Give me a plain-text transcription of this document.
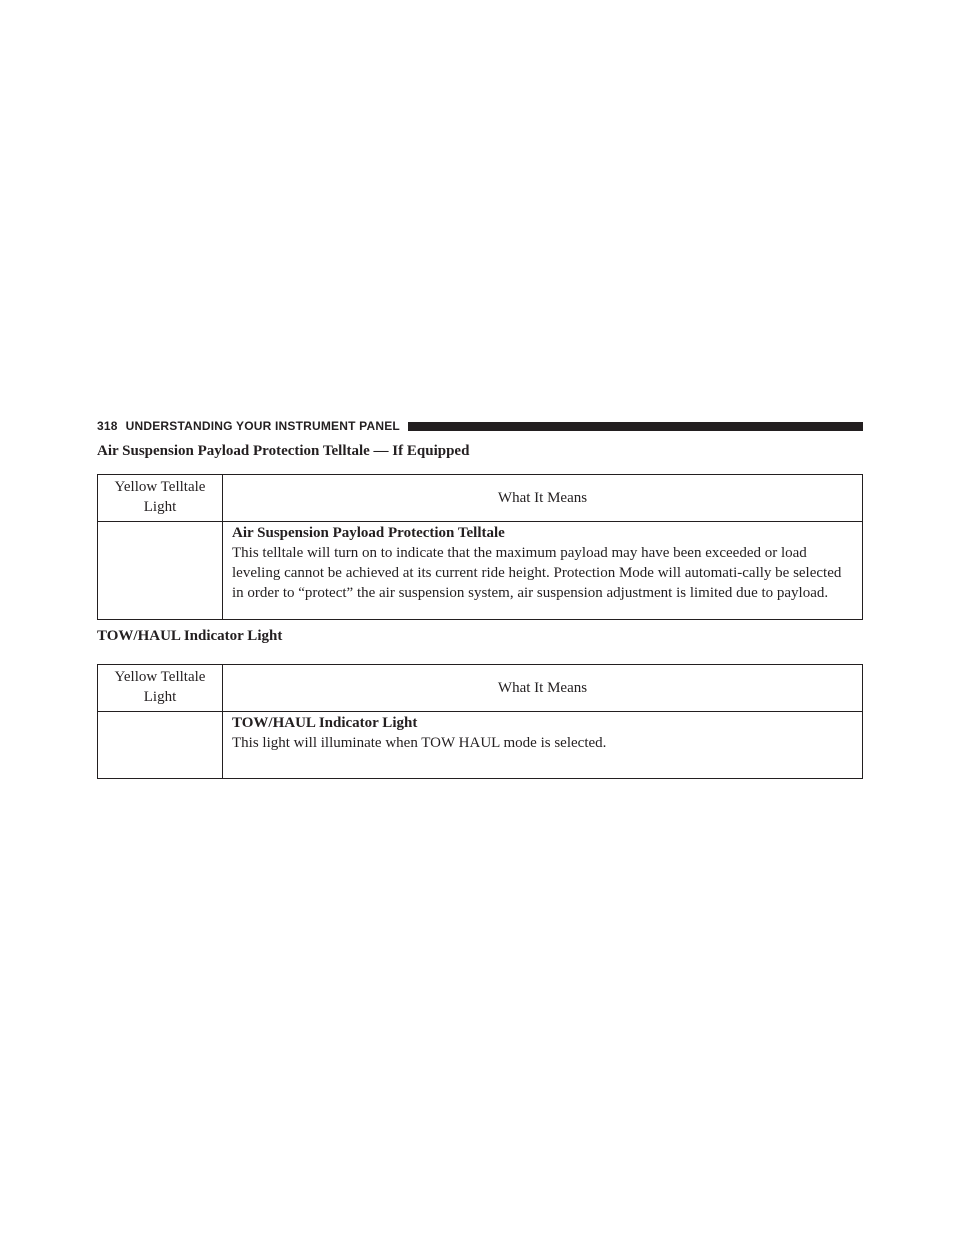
318 UNDERSTANDING YOUR INSTRUMENT PANEL
Air Suspension Payload Protection Telltale — If Equipped
Yellow Telltale Light	What It Means

	Air Suspension Payload Protection Telltale
This telltale will turn on to indicate that the maximum payload may have been exceeded or load leveling cannot be achieved at its current ride height. Protection Mode will automati-cally be selected in order to “protect” the air suspension system, air suspension adjustment is limited due to payload.
TOW/HAUL Indicator Light
Yellow Telltale Light	What It Means

	TOW/HAUL Indicator Light
This light will illuminate when TOW HAUL mode is selected.
